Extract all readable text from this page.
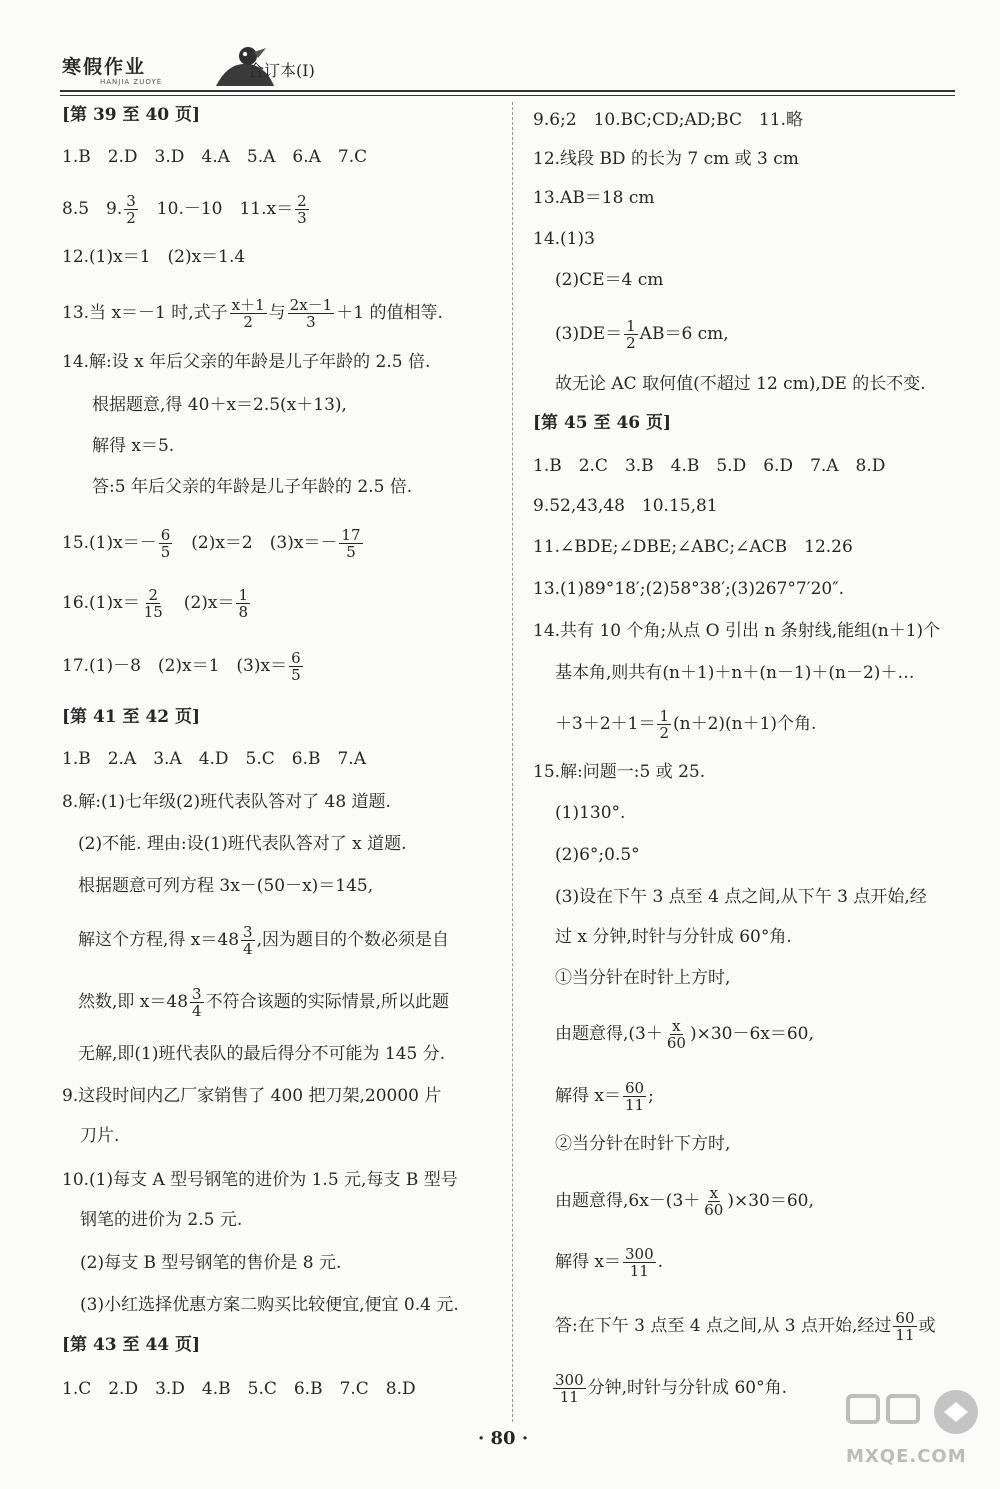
寒假作业
HANJIA ZUOYE
合订本(Ⅰ)
[第 39 至 40 页]
1.B　2.D　3.D　4.A　5.A　6.A　7.C
8.5　9. $\frac{3}{2}$ 　10.－10　$11.x= \frac{2}{3}$
12.(1)x＝1　(2)x＝1.4
13.当 x＝－1 时,式子 $\frac{x+1}{2}$ 与 $\frac{2x-1}{3} +1$ 的值相等.
14.解:设 x 年后父亲的年龄是儿子年龄的 2.5 倍.
根据题意,得 40＋x＝2.5(x＋13),
解得 x＝5.
答:5 年后父亲的年龄是儿子年龄的 2.5 倍.
$15.(1)x=- \frac{6}{5}$ 　(2)x＝2　$(3)x=- \frac{17}{5}$
$16.(1)x= \frac{2}{15}$ 　$(2)x= \frac{1}{8}$
17.(1)－8　(2)x＝1　$(3)x= \frac{6}{5}$
[第 41 至 42 页]
1.B　2.A　3.A　4.D　5.C　6.B　7.A
8.解:(1)七年级(2)班代表队答对了 48 道题.
(2)不能. 理由:设(1)班代表队答对了 x 道题.
根据题意可列方程 3x－(50－x)＝145,
解这个方程,得 $x=48 \frac{3}{4}$ ,因为题目的个数必须是自
然数,即 $x=48 \frac{3}{4}$ 不符合该题的实际情景,所以此题
无解,即(1)班代表队的最后得分不可能为 145 分.
9.这段时间内乙厂家销售了 400 把刀架,20000 片
刀片.
10.(1)每支 A 型号钢笔的进价为 1.5 元,每支 B 型号
钢笔的进价为 2.5 元.
(2)每支 B 型号钢笔的售价是 8 元.
(3)小红选择优惠方案二购买比较便宜,便宜 0.4 元.
[第 43 至 44 页]
1.C　2.D　3.D　4.B　5.C　6.B　7.C　8.D
9.6;2　10.BC;CD;AD;BC　11.略
12.线段 BD 的长为 7 cm 或 3 cm
13.AB＝18 cm
14.(1)3
(2)CE＝4 cm
$(3)DE= \frac{1}{2} AB=6$ cm,
故无论 AC 取何值(不超过 12 cm),DE 的长不变.
[第 45 至 46 页]
1.B　2.C　3.B　4.B　5.D　6.D　7.A　8.D
9.52,43,48　10.15,81
11.∠BDE;∠DBE;∠ABC;∠ACB　12.26
13.(1)89°18′;(2)58°38′;(3)267°7′20″.
14.共有 10 个角;从点 O 引出 n 条射线,能组(n＋1)个
基本角,则共有(n＋1)＋n＋(n－1)＋(n－2)＋…
$+3+2+1= \frac{1}{2} (n+2)(n+1)$个角.
15.解:问题一:5 或 25.
(1)130°.
(2)6°;0.5°
(3)设在下午 3 点至 4 点之间,从下午 3 点开始,经
过 x 分钟,时针与分针成 60°角.
①当分针在时针上方时,
由题意得$,(3+ \frac{x}{60} )\times 30-6x=60$,
解得 $x= \frac{60}{11}$ ;
②当分针在时针下方时,
由题意得$,6x-(3+ \frac{x}{60} )\times 30=60$,
解得 $x= \frac{300}{11}$ .
答:在下午 3 点至 4 点之间,从 3 点开始,经过 $\frac{60}{11}$ 或
$\frac{300}{11}$ 分钟,时针与分针成 60°角.
· 80 ·
MXQE.COM
